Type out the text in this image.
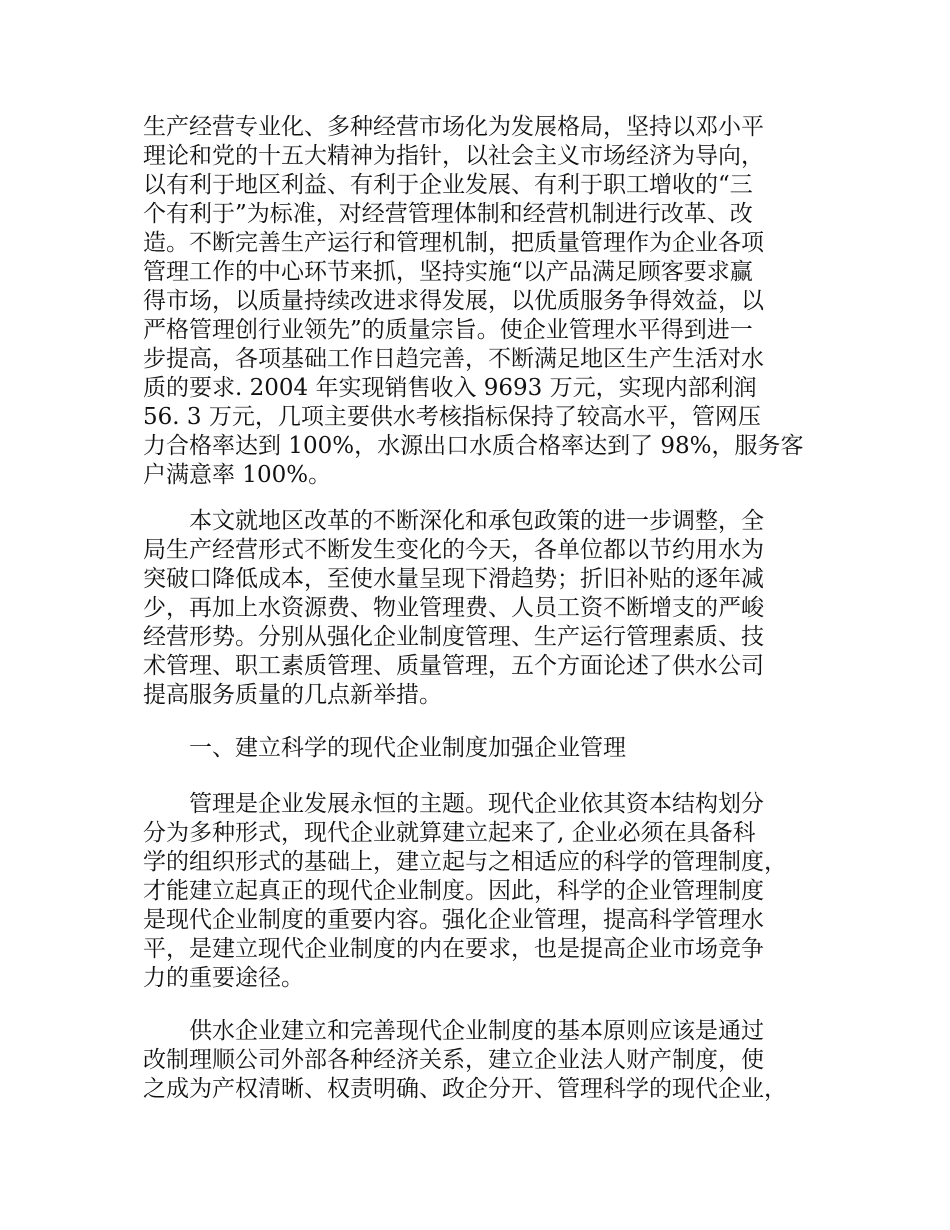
生产经营专业化、多种经营市场化为发展格局，坚持以邓小平
理论和党的十五大精神为指针，以社会主义市场经济为导向，
以有利于地区利益、有利于企业发展、有利于职工增收的“三
个有利于”为标准，对经营管理体制和经营机制进行改革、改
造。不断完善生产运行和管理机制，把质量管理作为企业各项
管理工作的中心环节来抓，坚持实施“以产品满足顾客要求赢
得市场，以质量持续改进求得发展，以优质服务争得效益，以
严格管理创行业领先”的质量宗旨。使企业管理水平得到进一
步提高，各项基础工作日趋完善，不断满足地区生产生活对水
质的要求. 2004 年实现销售收入 9693 万元，实现内部利润
56. 3 万元，几项主要供水考核指标保持了较高水平，管网压
力合格率达到 100%，水源出口水质合格率达到了 98%，服务客
户满意率 100%。
本文就地区改革的不断深化和承包政策的进一步调整，全
局生产经营形式不断发生变化的今天，各单位都以节约用水为
突破口降低成本，至使水量呈现下滑趋势；折旧补贴的逐年减
少，再加上水资源费、物业管理费、人员工资不断增支的严峻
经营形势。分别从强化企业制度管理、生产运行管理素质、技
术管理、职工素质管理、质量管理，五个方面论述了供水公司
提高服务质量的几点新举措。
一、建立科学的现代企业制度加强企业管理
管理是企业发展永恒的主题。现代企业依其资本结构划分
分为多种形式，现代企业就算建立起来了, 企业必须在具备科
学的组织形式的基础上，建立起与之相适应的科学的管理制度，
才能建立起真正的现代企业制度。因此，科学的企业管理制度
是现代企业制度的重要内容。强化企业管理，提高科学管理水
平，是建立现代企业制度的内在要求，也是提高企业市场竞争
力的重要途径。
供水企业建立和完善现代企业制度的基本原则应该是通过
改制理顺公司外部各种经济关系，建立企业法人财产制度，使
之成为产权清晰、权责明确、政企分开、管理科学的现代企业，
